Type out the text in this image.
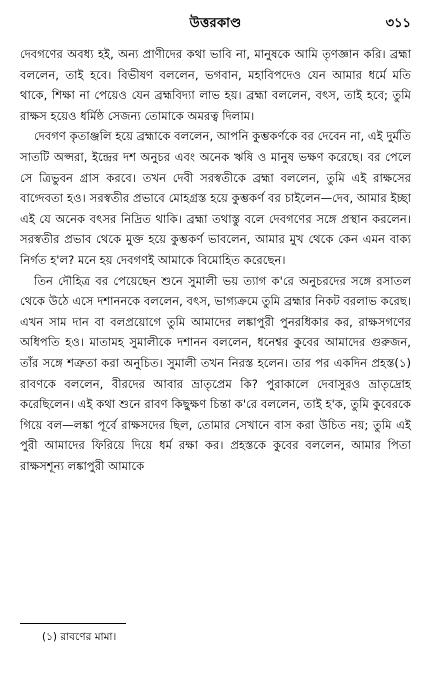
উত্তরকাণ্ড	৩১১

দেবগণের অবধ্য হই, অন্য প্রাণীদের কথা ভাবি না, মানুষকে আমি তৃণজ্ঞান করি। ব্রহ্মা বললেন, তাই হবে। বিভীষণ বললেন, ভগবান, মহাবিপদেও যেন আমার ধর্মে মতি থাকে, শিক্ষা না পেয়েও যেন ব্রহ্মবিদ্যা লাভ হয়। ব্রহ্মা বললেন, বৎস, তাই হবে; তুমি রাক্ষস হয়েও ধর্মিষ্ঠ সেজন্য তোমাকে অমরত্ব দিলাম।

দেবগণ কৃতাঞ্জলি হয়ে ব্রহ্মাকে বললেন, আপনি কুম্ভকর্ণকে বর দেবেন না, এই দুর্মতি সাতটি অপ্সরা, ইন্দ্রের দশ অনুচর এবং অনেক ঋষি ও মানুষ ভক্ষণ করেছে। বর পেলে সে ত্রিভুবন গ্রাস করবে। তখন দেবী সরস্বতীকে ব্রহ্মা বললেন, তুমি এই রাক্ষসের বাগ্দেবতা হও। সরস্বতীর প্রভাবে মোহগ্রস্ত হয়ে কুম্ভকর্ণ বর চাইলেন—দেব, আমার ইচ্ছা এই যে অনেক বৎসর নিদ্রিত থাকি। ব্রহ্মা তথাস্তু বলে দেবগণের সঙ্গে প্রস্থান করলেন। সরস্বতীর প্রভাব থেকে মুক্ত হয়ে কুম্ভকর্ণ ভাবলেন, আমার মুখ থেকে কেন এমন বাক্য নির্গত হ'ল? মনে হয় দেবগণই আমাকে বিমোহিত করেছেন।

তিন দৌহিত্র বর পেয়েছেন শুনে সুমালী ভয় ত্যাগ ক'রে অনুচরদের সঙ্গে রসাতল থেকে উঠে এসে দশাননকে বললেন, বৎস, ভাগ্যক্রমে তুমি ব্রহ্মার নিকট বরলাভ করেছ। এখন সাম দান বা বলপ্রয়োগে তুমি আমাদের লঙ্কাপুরী পুনরধিকার কর, রাক্ষসগণের অধিপতি হও। মাতামহ সুমালীকে দশানন বললেন, ধনেশ্বর কুবের আমাদের গুরুজন, তাঁর সঙ্গে শত্রুতা করা অনুচিত। সুমালী তখন নিরস্ত হলেন। তার পর একদিন প্রহস্ত(১) রাবণকে বললেন, বীরদের আবার ভ্রাতৃপ্রেম কি? পুরাকালে দেবাসুরও ভ্রাতৃদ্রোহ করেছিলেন। এই কথা শুনে রাবণ কিছুক্ষণ চিন্তা ক'রে বললেন, তাই হ'ক, তুমি কুবেরকে গিয়ে বল—লঙ্কা পূর্বে রাক্ষসদের ছিল, তোমার সেখানে বাস করা উচিত নয়; তুমি এই পুরী আমাদের ফিরিয়ে দিয়ে ধর্ম রক্ষা কর। প্রহস্তকে কুবের বললেন, আমার পিতা রাক্ষসশূন্য লঙ্কাপুরী আমাকে

(১) রাবণের মামা।
